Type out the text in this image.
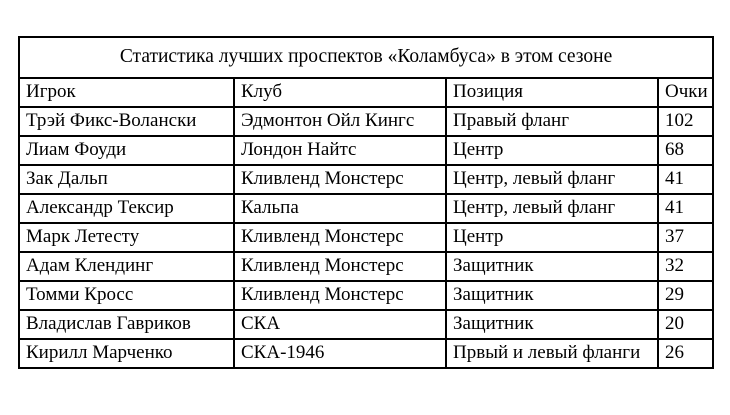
Статистика лучших проспектов «Коламбуса» в этом сезоне			
Игрок	Клуб	Позиция	Очки
Трэй Фикс-Волански	Эдмонтон Ойл Кингс	Правый фланг	102
Лиам Фоуди	Лондон Найтс	Центр	68
Зак Дальп	Кливленд Монстерс	Центр, левый фланг	41
Александр Тексир	Кальпа	Центр, левый фланг	41
Марк Летесту	Кливленд Монстерс	Центр	37
Адам Клендинг	Кливленд Монстерс	Защитник	32
Томми Кросс	Кливленд Монстерс	Защитник	29
Владислав Гавриков	СКА	Защитник	20
Кирилл Марченко	СКА-1946	Првый и левый фланги	26
